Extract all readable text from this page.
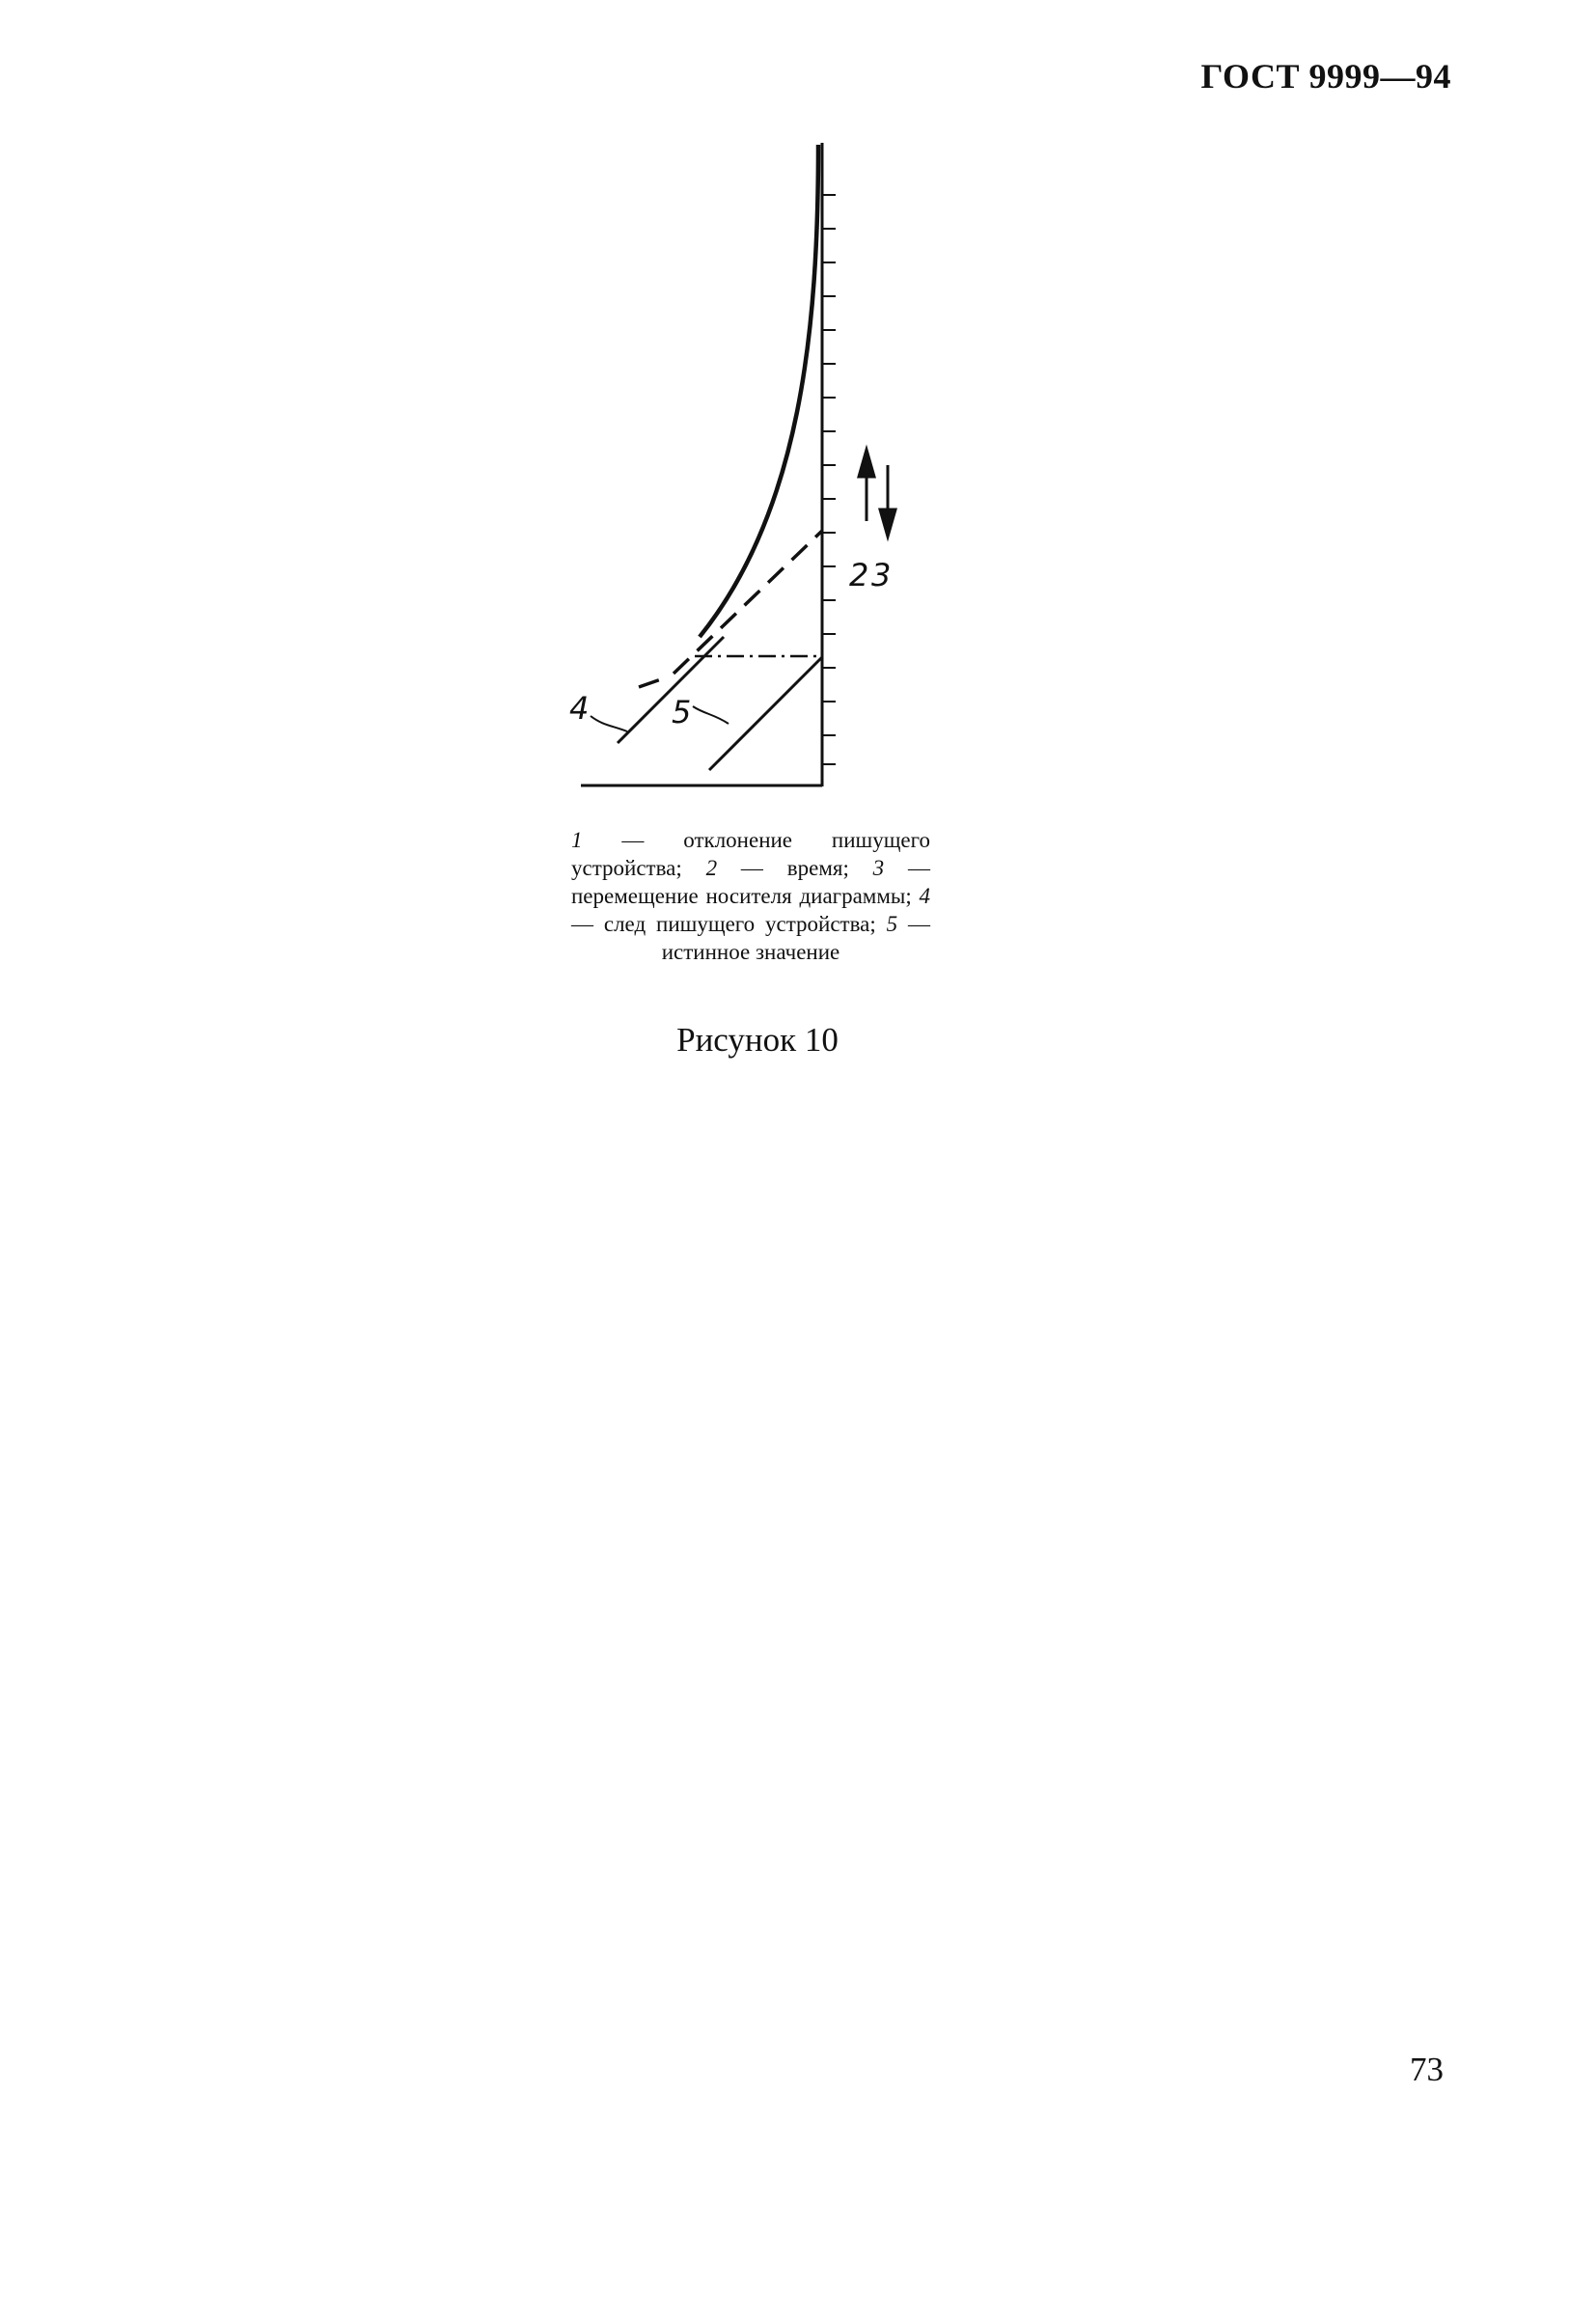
ГОСТ 9999—94
2 3
4	5
1 — отклонение пишущего устройства; 2 — время; 3 — перемещение носителя диаграммы; 4 — след пишущего устройства; 5 — истинное значение
Рисунок 10
73
